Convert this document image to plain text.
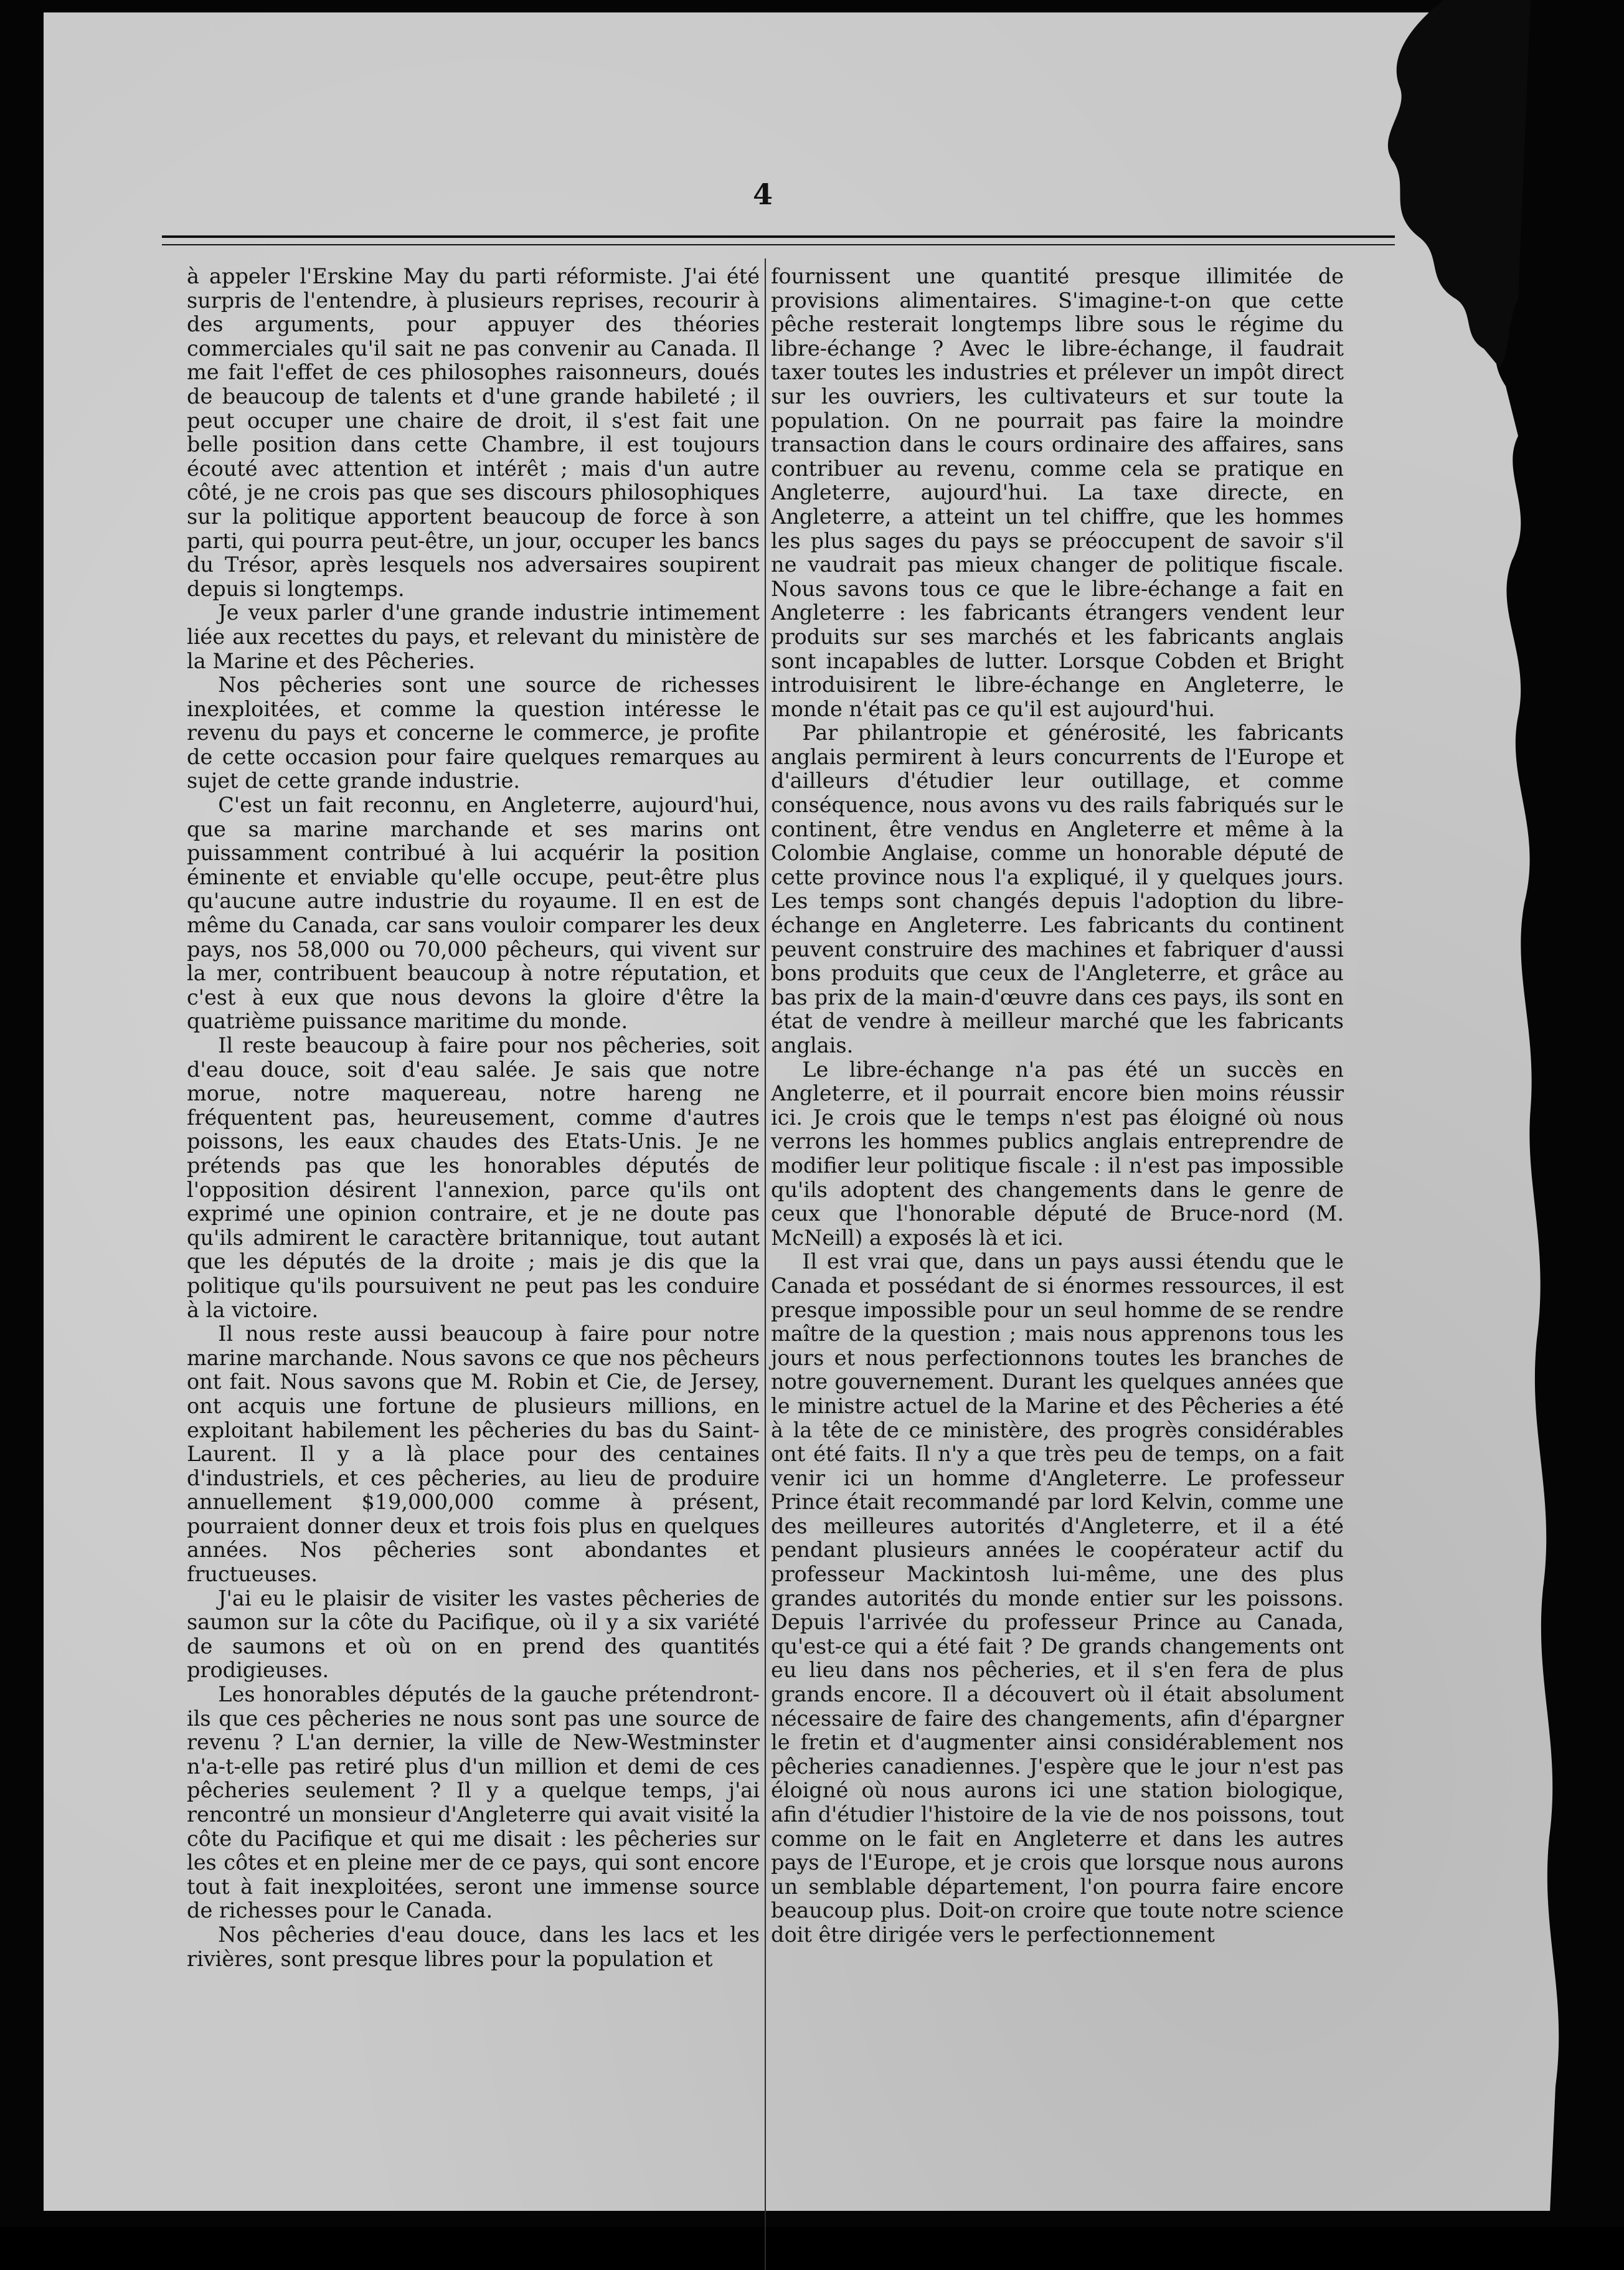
4

à appeler l'Erskine May du parti réformiste. J'ai été surpris de l'entendre, à plusieurs reprises, recourir à des arguments, pour appuyer des théories commerciales qu'il sait ne pas convenir au Canada. Il me fait l'effet de ces philosophes raisonneurs, doués de beaucoup de talents et d'une grande habileté ; il peut occuper une chaire de droit, il s'est fait une belle position dans cette Chambre, il est toujours écouté avec attention et intérêt ; mais d'un autre côté, je ne crois pas que ses discours philosophiques sur la politique apportent beaucoup de force à son parti, qui pourra peut-être, un jour, occuper les bancs du Trésor, après lesquels nos adversaires soupirent depuis si longtemps.

Je veux parler d'une grande industrie intimement liée aux recettes du pays, et relevant du ministère de la Marine et des Pêcheries.

Nos pêcheries sont une source de richesses inexploitées, et comme la question intéresse le revenu du pays et concerne le commerce, je profite de cette occasion pour faire quelques remarques au sujet de cette grande industrie.

C'est un fait reconnu, en Angleterre, aujourd'hui, que sa marine marchande et ses marins ont puissamment contribué à lui acquérir la position éminente et enviable qu'elle occupe, peut-être plus qu'aucune autre industrie du royaume. Il en est de même du Canada, car sans vouloir comparer les deux pays, nos 58,000 ou 70,000 pêcheurs, qui vivent sur la mer, contribuent beaucoup à notre réputation, et c'est à eux que nous devons la gloire d'être la quatrième puissance maritime du monde.

Il reste beaucoup à faire pour nos pêcheries, soit d'eau douce, soit d'eau salée. Je sais que notre morue, notre maquereau, notre hareng ne fréquentent pas, heureusement, comme d'autres poissons, les eaux chaudes des Etats-Unis. Je ne prétends pas que les honorables députés de l'opposition désirent l'annexion, parce qu'ils ont exprimé une opinion contraire, et je ne doute pas qu'ils admirent le caractère britannique, tout autant que les députés de la droite ; mais je dis que la politique qu'ils poursuivent ne peut pas les conduire à la victoire.

Il nous reste aussi beaucoup à faire pour notre marine marchande. Nous savons ce que nos pêcheurs ont fait. Nous savons que M. Robin et Cie, de Jersey, ont acquis une fortune de plusieurs millions, en exploitant habilement les pêcheries du bas du Saint-Laurent. Il y a là place pour des centaines d'industriels, et ces pêcheries, au lieu de produire annuellement $19,000,000 comme à présent, pourraient donner deux et trois fois plus en quelques années. Nos pêcheries sont abondantes et fructueuses.

J'ai eu le plaisir de visiter les vastes pêcheries de saumon sur la côte du Pacifique, où il y a six variété de saumons et où on en prend des quantités prodigieuses.

Les honorables députés de la gauche prétendront-ils que ces pêcheries ne nous sont pas une source de revenu ? L'an dernier, la ville de New-Westminster n'a-t-elle pas retiré plus d'un million et demi de ces pêcheries seulement ? Il y a quelque temps, j'ai rencontré un monsieur d'Angleterre qui avait visité la côte du Pacifique et qui me disait : les pêcheries sur les côtes et en pleine mer de ce pays, qui sont encore tout à fait inexploitées, seront une immense source de richesses pour le Canada.

Nos pêcheries d'eau douce, dans les lacs et les rivières, sont presque libres pour la population et

fournissent une quantité presque illimitée de provisions alimentaires. S'imagine-t-on que cette pêche resterait longtemps libre sous le régime du libre-échange ? Avec le libre-échange, il faudrait taxer toutes les industries et prélever un impôt direct sur les ouvriers, les cultivateurs et sur toute la population. On ne pourrait pas faire la moindre transaction dans le cours ordinaire des affaires, sans contribuer au revenu, comme cela se pratique en Angleterre, aujourd'hui. La taxe directe, en Angleterre, a atteint un tel chiffre, que les hommes les plus sages du pays se préoccupent de savoir s'il ne vaudrait pas mieux changer de politique fiscale. Nous savons tous ce que le libre-échange a fait en Angleterre : les fabricants étrangers vendent leur produits sur ses marchés et les fabricants anglais sont incapables de lutter. Lorsque Cobden et Bright introduisirent le libre-échange en Angleterre, le monde n'était pas ce qu'il est aujourd'hui.

Par philantropie et générosité, les fabricants anglais permirent à leurs concurrents de l'Europe et d'ailleurs d'étudier leur outillage, et comme conséquence, nous avons vu des rails fabriqués sur le continent, être vendus en Angleterre et même à la Colombie Anglaise, comme un honorable député de cette province nous l'a expliqué, il y quelques jours. Les temps sont changés depuis l'adoption du libre-échange en Angleterre. Les fabricants du continent peuvent construire des machines et fabriquer d'aussi bons produits que ceux de l'Angleterre, et grâce au bas prix de la main-d'œuvre dans ces pays, ils sont en état de vendre à meilleur marché que les fabricants anglais.

Le libre-échange n'a pas été un succès en Angleterre, et il pourrait encore bien moins réussir ici. Je crois que le temps n'est pas éloigné où nous verrons les hommes publics anglais entreprendre de modifier leur politique fiscale : il n'est pas impossible qu'ils adoptent des changements dans le genre de ceux que l'honorable député de Bruce-nord (M. McNeill) a exposés là et ici.

Il est vrai que, dans un pays aussi étendu que le Canada et possédant de si énormes ressources, il est presque impossible pour un seul homme de se rendre maître de la question ; mais nous apprenons tous les jours et nous perfectionnons toutes les branches de notre gouvernement. Durant les quelques années que le ministre actuel de la Marine et des Pêcheries a été à la tête de ce ministère, des progrès considérables ont été faits. Il n'y a que très peu de temps, on a fait venir ici un homme d'Angleterre. Le professeur Prince était recommandé par lord Kelvin, comme une des meilleures autorités d'Angleterre, et il a été pendant plusieurs années le coopérateur actif du professeur Mackintosh lui-même, une des plus grandes autorités du monde entier sur les poissons. Depuis l'arrivée du professeur Prince au Canada, qu'est-ce qui a été fait ? De grands changements ont eu lieu dans nos pêcheries, et il s'en fera de plus grands encore. Il a découvert où il était absolument nécessaire de faire des changements, afin d'épargner le fretin et d'augmenter ainsi considérablement nos pêcheries canadiennes. J'espère que le jour n'est pas éloigné où nous aurons ici une station biologique, afin d'étudier l'histoire de la vie de nos poissons, tout comme on le fait en Angleterre et dans les autres pays de l'Europe, et je crois que lorsque nous aurons un semblable département, l'on pourra faire encore beaucoup plus. Doit-on croire que toute notre science doit être dirigée vers le perfectionnement
